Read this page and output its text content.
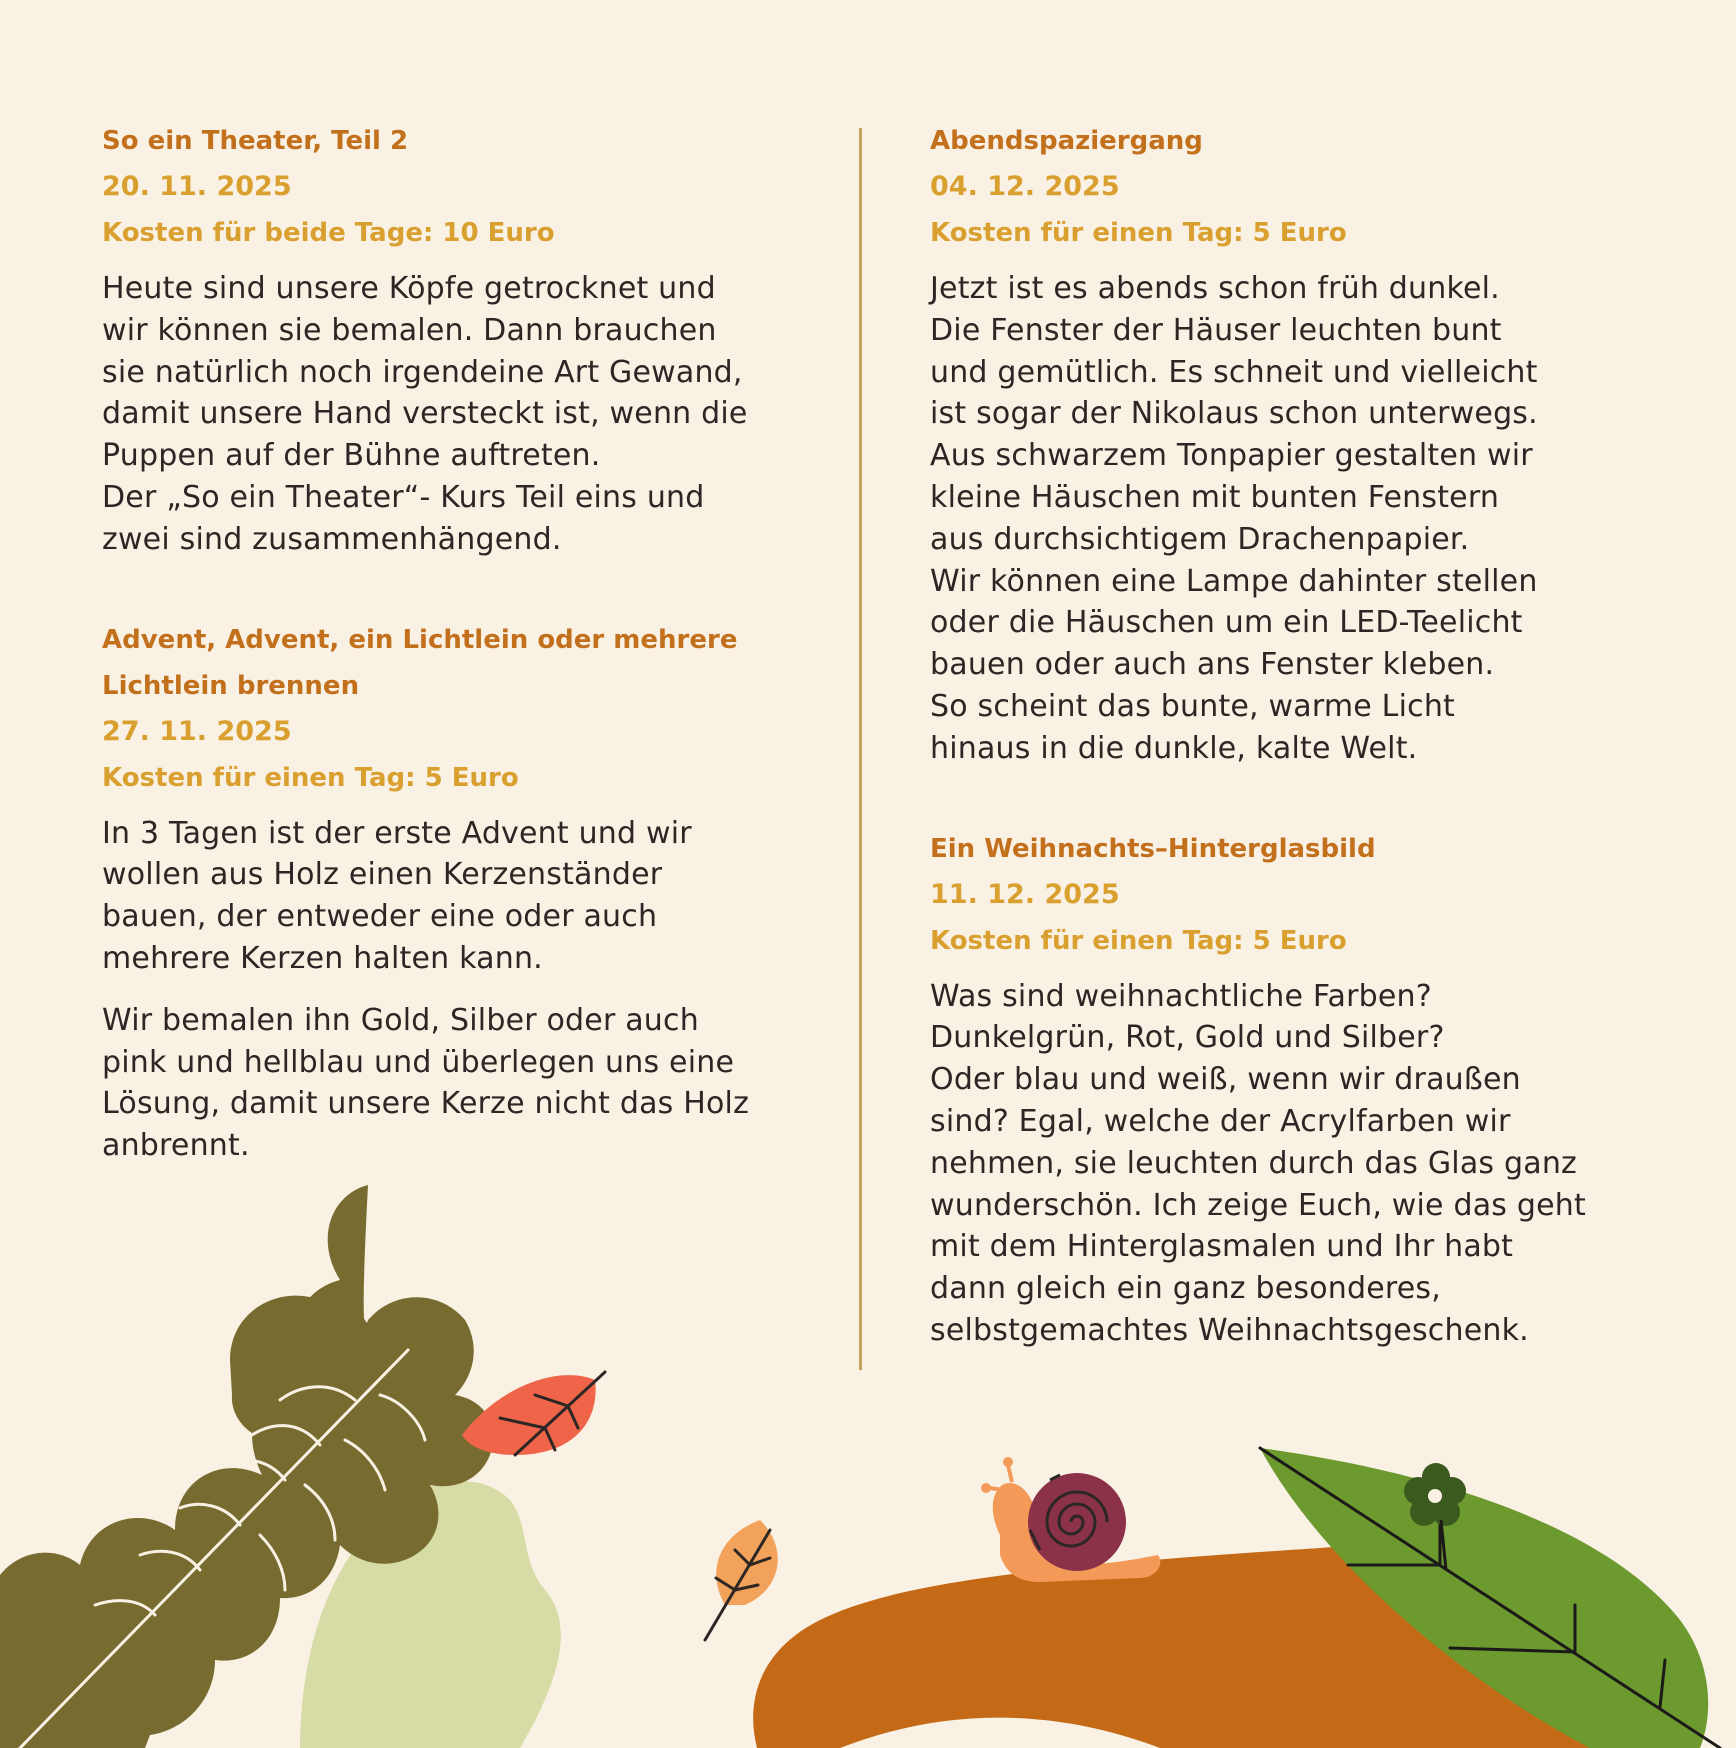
So ein Theater, Teil 2

20. 11. 2025

Kosten für beide Tage: 10 Euro

Heute sind unsere Köpfe getrocknet und
wir können sie bemalen. Dann brauchen
sie natürlich noch irgendeine Art Gewand,
damit unsere Hand versteckt ist, wenn die
Puppen auf der Bühne auftreten.
Der „So ein Theater“- Kurs Teil eins und
zwei sind zusammenhängend.

Advent, Advent, ein Lichtlein oder mehrere
Lichtlein brennen

27. 11. 2025

Kosten für einen Tag: 5 Euro

In 3 Tagen ist der erste Advent und wir
wollen aus Holz einen Kerzenständer
bauen, der entweder eine oder auch
mehrere Kerzen halten kann.

Wir bemalen ihn Gold, Silber oder auch
pink und hellblau und überlegen uns eine
Lösung, damit unsere Kerze nicht das Holz
anbrennt.

Abendspaziergang

04. 12. 2025

Kosten für einen Tag: 5 Euro

Jetzt ist es abends schon früh dunkel.
Die Fenster der Häuser leuchten bunt
und gemütlich. Es schneit und vielleicht
ist sogar der Nikolaus schon unterwegs.
Aus schwarzem Tonpapier gestalten wir
kleine Häuschen mit bunten Fenstern
aus durchsichtigem Drachenpapier.
Wir können eine Lampe dahinter stellen
oder die Häuschen um ein LED-Teelicht
bauen oder auch ans Fenster kleben.
So scheint das bunte, warme Licht
hinaus in die dunkle, kalte Welt.

Ein Weihnachts–Hinterglasbild

11. 12. 2025

Kosten für einen Tag: 5 Euro

Was sind weihnachtliche Farben?
Dunkelgrün, Rot, Gold und Silber?
Oder blau und weiß, wenn wir draußen
sind? Egal, welche der Acrylfarben wir
nehmen, sie leuchten durch das Glas ganz
wunderschön. Ich zeige Euch, wie das geht
mit dem Hinterglasmalen und Ihr habt
dann gleich ein ganz besonderes,
selbstgemachtes Weihnachtsgeschenk.
